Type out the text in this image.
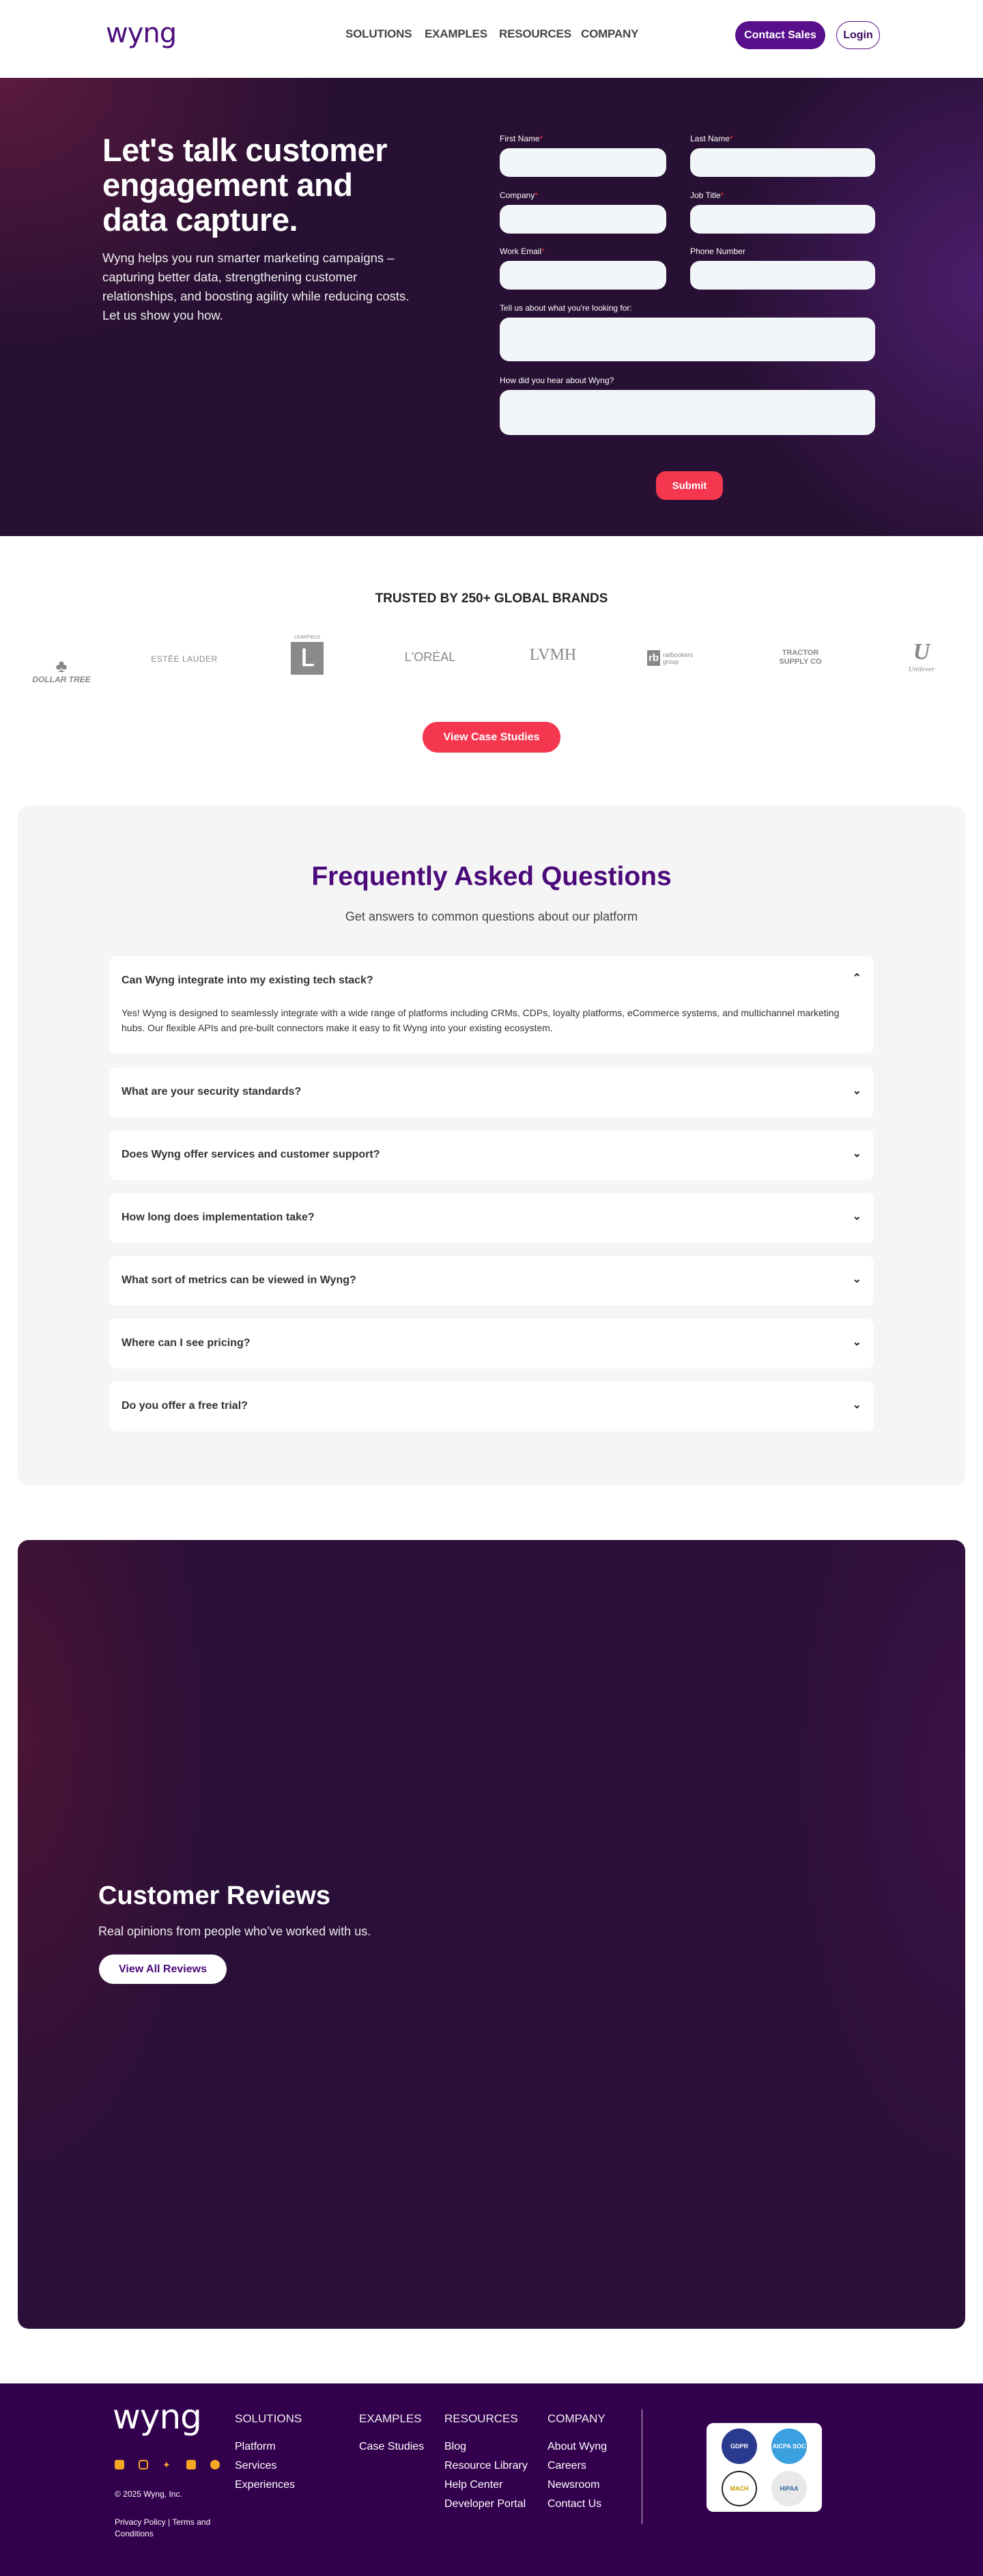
wyng	SOLUTIONS EXAMPLES RESOURCES COMPANY	Contact Sales	Login
Let's talk customer engagement and data capture.

Wyng helps you run smarter marketing campaigns – capturing better data, strengthening customer relationships, and boosting agility while reducing costs. Let us show you how.

First Name*	Last Name*
Company*	Job Title*
Work Email*	Phone Number
Tell us about what you're looking for:
How did you hear about Wyng?
Submit
TRUSTED BY 250+ GLOBAL BRANDS
♣
DOLLAR TREE
ESTĒE LAUDER
LEARFIELD
Ⅼ	L'ORÉAL	LVMH	rb railbookers group
TRACTOR SUPPLY CO	U
Unilever
View Case Studies
Frequently Asked Questions
Get answers to common questions about our platform
Can Wyng integrate into my existing tech stack?	⌃
Yes! Wyng is designed to seamlessly integrate with a wide range of platforms including CRMs, CDPs, loyalty platforms, eCommerce systems, and multichannel marketing hubs. Our flexible APIs and pre-built connectors make it easy to fit Wyng into your existing ecosystem.
What are your security standards?	⌄
Does Wyng offer services and customer support?	⌄
How long does implementation take?	⌄
What sort of metrics can be viewed in Wyng?	⌄
Where can I see pricing?	⌄
Do you offer a free trial?	⌄
Customer Reviews

Real opinions from people who’ve worked with us.

View All Reviews
wyng
✦
© 2025 Wyng, Inc.
Privacy Policy | Terms and Conditions
SOLUTIONS
Platform
Services
Experiences
EXAMPLES
Case Studies
RESOURCES
Blog
Resource Library
Help Center
Developer Portal
COMPANY
About Wyng
Careers
Newsroom
Contact Us
GDPR	AICPA SOC
MACH	HIPAA
